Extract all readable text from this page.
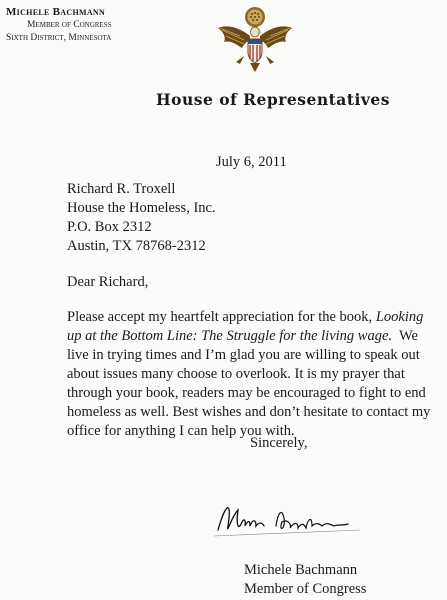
Michele Bachmann
Member of Congress
Sixth District, Minnesota
House of Representatives
July 6, 2011
Richard R. Troxell
House the Homeless, Inc.
P.O. Box 2312
Austin, TX 78768-2312
Dear Richard,
Please accept my heartfelt appreciation for the book, Looking
up at the Bottom Line: The Struggle for the living wage. We
live in trying times and I’m glad you are willing to speak out
about issues many choose to overlook. It is my prayer that
through your book, readers may be encouraged to fight to end
homeless as well. Best wishes and don’t hesitate to contact my
office for anything I can help you with.
Sincerely,
Michele Bachmann
Member of Congress
